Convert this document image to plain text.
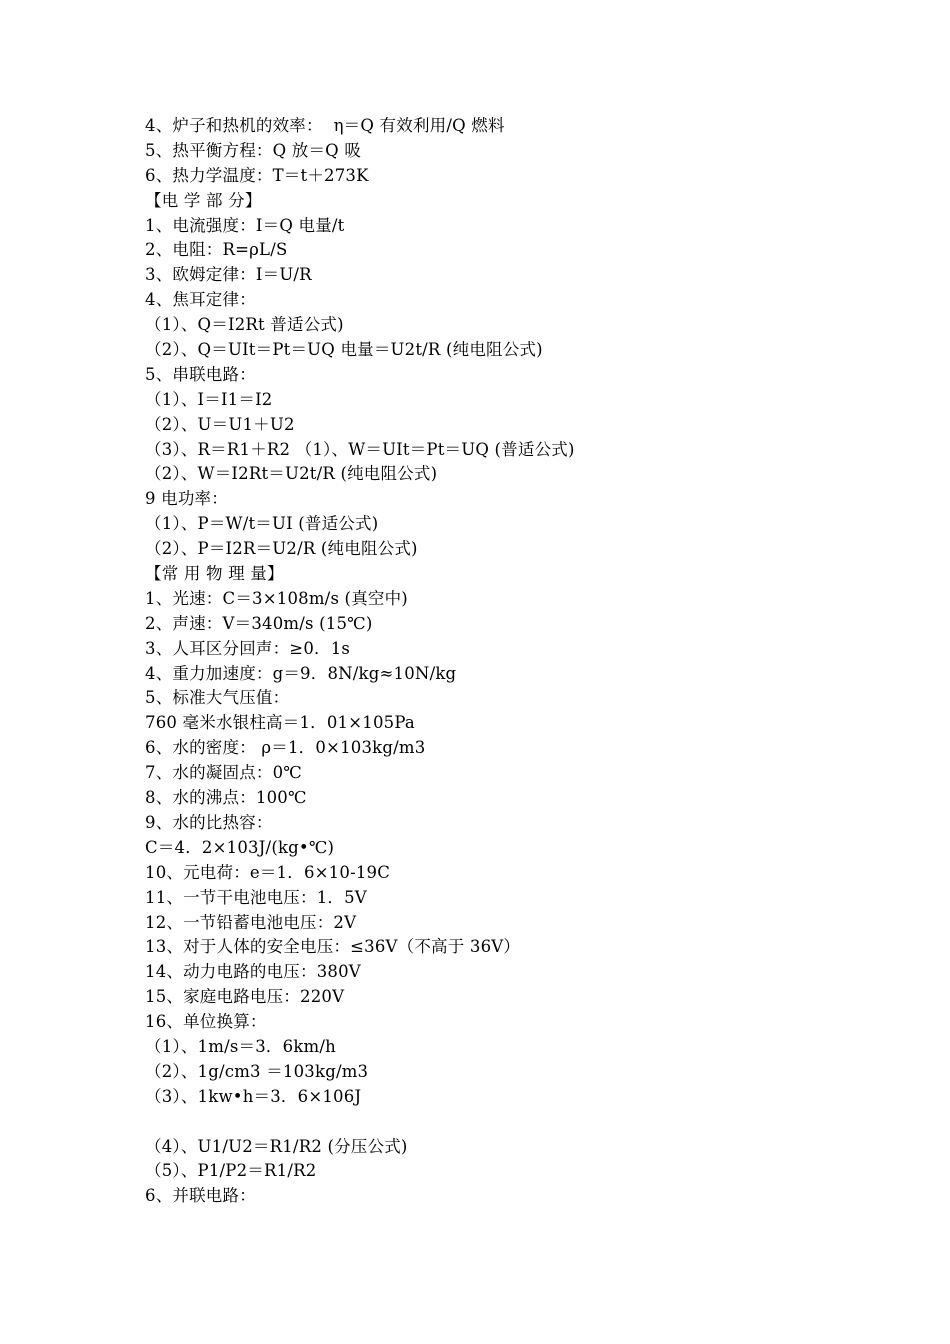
4、炉子和热机的效率：  η＝Q 有效利用/Q 燃料
5、热平衡方程：Q 放＝Q 吸
6、热力学温度：T＝t＋273K
【电 学 部 分】
1、电流强度：I＝Q 电量/t
2、电阻：R=ρL/S
3、欧姆定律：I＝U/R
4、焦耳定律：
（1）、Q＝I2Rt 普适公式)
（2）、Q＝UIt＝Pt＝UQ 电量＝U2t/R (纯电阻公式)
5、串联电路：
（1）、I＝I1＝I2
（2）、U＝U1＋U2
（3）、R＝R1＋R2 （1）、W＝UIt＝Pt＝UQ (普适公式)
（2）、W＝I2Rt＝U2t/R (纯电阻公式)
9 电功率：
（1）、P＝W/t＝UI (普适公式)
（2）、P＝I2R＝U2/R (纯电阻公式)
【常 用 物 理 量】
1、光速：C＝3×108m/s (真空中)
2、声速：V＝340m/s (15℃)
3、人耳区分回声：≥0．1s
4、重力加速度：g＝9．8N/kg≈10N/kg
5、标准大气压值：
760 毫米水银柱高＝1．01×105Pa
6、水的密度： ρ＝1．0×103kg/m3
7、水的凝固点：0℃
8、水的沸点：100℃
9、水的比热容：
C＝4．2×103J/(kg•℃)
10、元电荷：e＝1．6×10-19C
11、一节干电池电压：1．5V
12、一节铅蓄电池电压：2V
13、对于人体的安全电压：≤36V（不高于 36V）
14、动力电路的电压：380V
15、家庭电路电压：220V
16、单位换算：
（1）、1m/s＝3．6km/h
（2）、1g/cm3 ＝103kg/m3
（3）、1kw•h＝3．6×106J
（4）、U1/U2＝R1/R2 (分压公式)
（5）、P1/P2＝R1/R2
6、并联电路：
